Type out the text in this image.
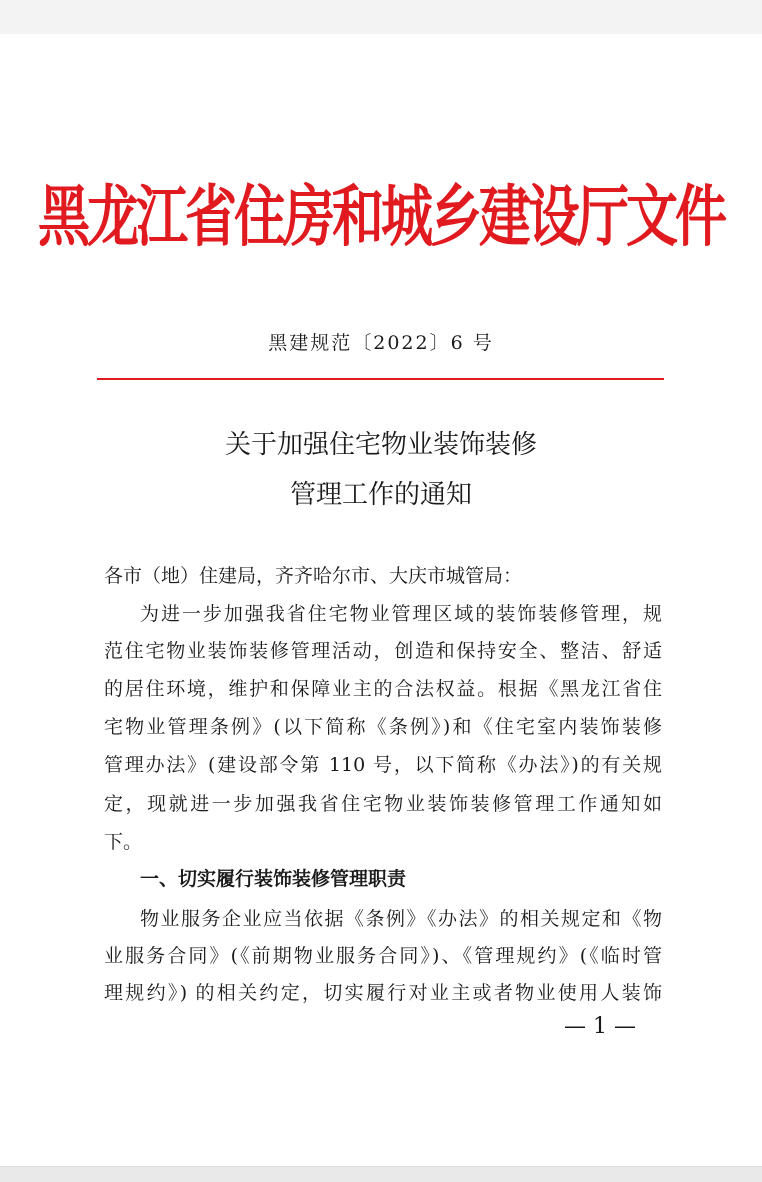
黑龙江省住房和城乡建设厅文件
黑建规范〔2022〕6 号
关于加强住宅物业装饰装修
管理工作的通知
各市（地）住建局，齐齐哈尔市、大庆市城管局：
为进一步加强我省住宅物业管理区域的装饰装修管理，规
范住宅物业装饰装修管理活动，创造和保持安全、整洁、舒适
的居住环境，维护和保障业主的合法权益。根据《黑龙江省住
宅物业管理条例》(以下简称《条例》)和《住宅室内装饰装修
管理办法》(建设部令第 110 号，以下简称《办法》)的有关规
定，现就进一步加强我省住宅物业装饰装修管理工作通知如
下。
一、切实履行装饰装修管理职责
物业服务企业应当依据《条例》《办法》的相关规定和《物
业服务合同》(《前期物业服务合同》)、《管理规约》(《临时管
理规约》) 的相关约定，切实履行对业主或者物业使用人装饰
— 1 —
